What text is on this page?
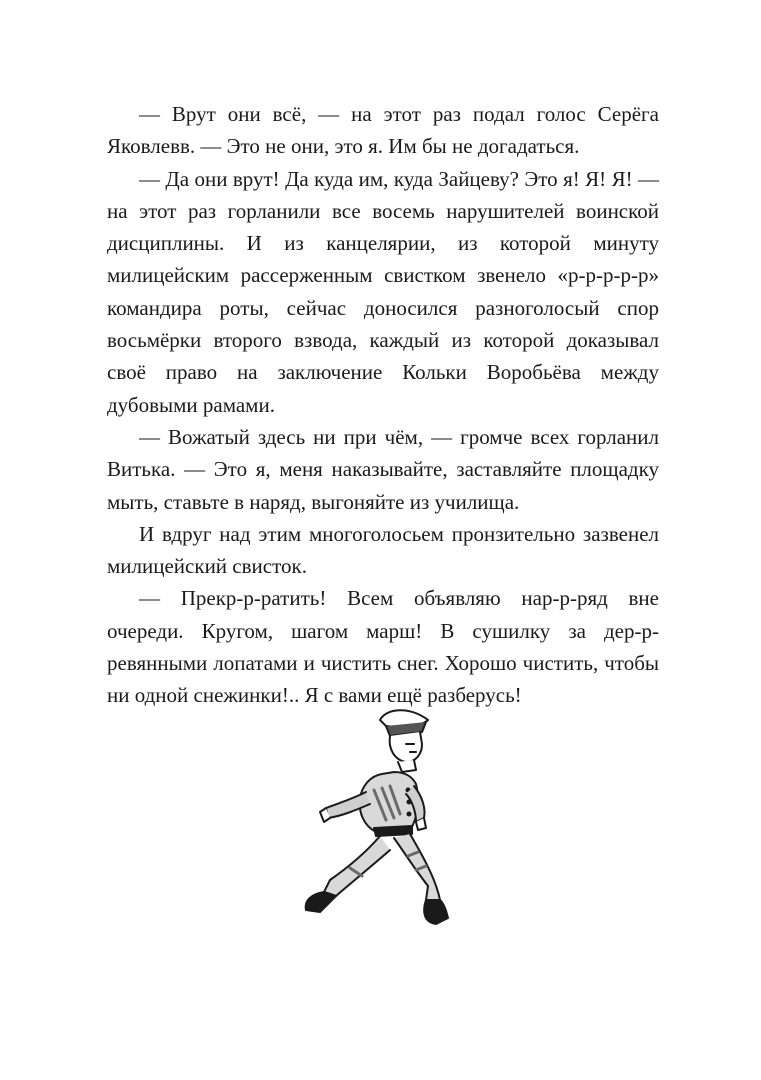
— Врут они всё, — на этот раз подал голос Серёга Яковлевв. — Это не они, это я. Им бы не догадаться.

— Да они врут! Да куда им, куда Зайцеву? Это я! Я! Я! — на этот раз горланили все восемь нарушителей воинской дисциплины. И из канцелярии, из которой минуту милицейским рассерженным свистком звенело «р-р-р-р-р» командира роты, сейчас доносился разноголосый спор восьмёрки второго взвода, каждый из которой доказывал своё право на заключение Кольки Воробьёва между дубовыми рамами.

— Вожатый здесь ни при чём, — громче всех горланил Витька. — Это я, меня наказывайте, заставляйте площадку мыть, ставьте в наряд, выгоняйте из училища.

И вдруг над этим многоголосьем пронзительно зазвенел милицейский свисток.

— Прекр-р-ратить! Всем объявляю нар-р-ряд вне очереди. Кругом, шагом марш! В сушилку за дер-р-ревянными лопатами и чистить снег. Хорошо чистить, чтобы ни одной снежинки!.. Я с вами ещё разберусь!
